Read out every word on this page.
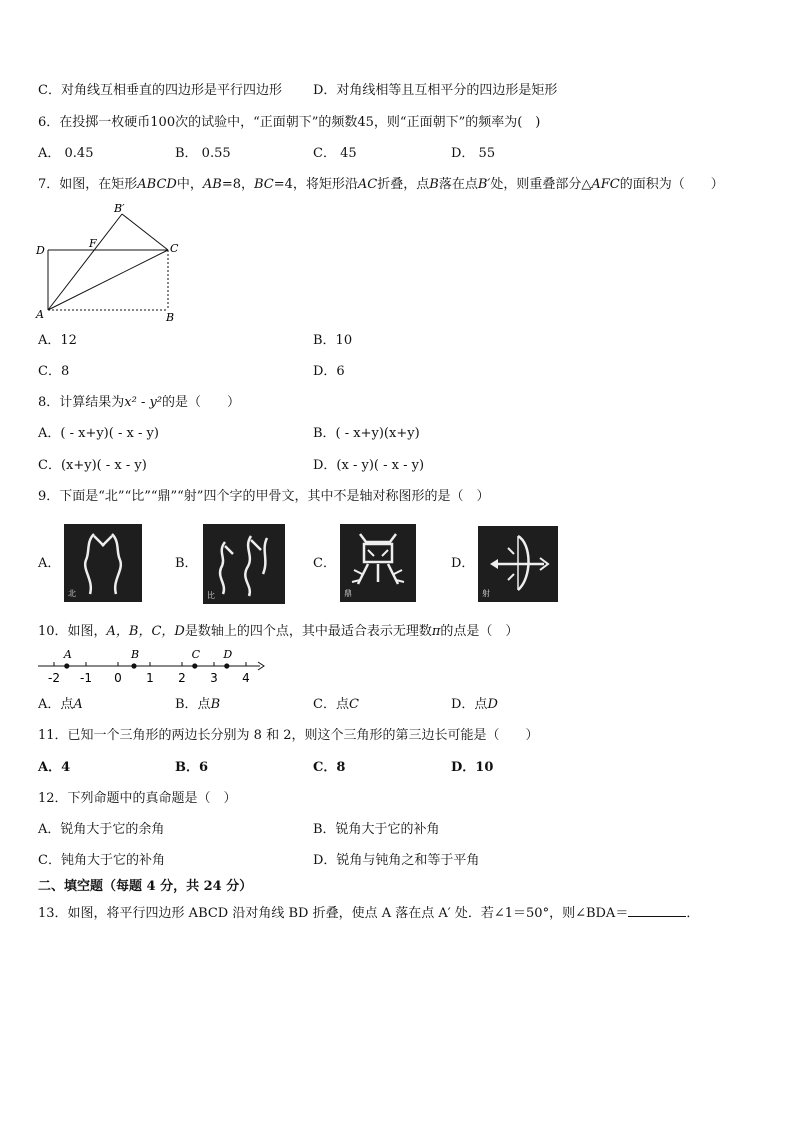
C．对角线互相垂直的四边形是平行四边形 D．对角线相等且互相平分的四边形是矩形
6．在投掷一枚硬币100次的试验中，“正面朝下”的频数45，则“正面朝下”的频率为(　)
A． 0.45	B． 0.55	C． 45	D． 55
7．如图，在矩形ABCD中，AB=8，BC=4，将矩形沿AC折叠，点B落在点B′处，则重叠部分△AFC的面积为（　　）
B′
D
F	C
A	B
A．12	B．10
C．8	D．6
8．计算结果为x² - y²的是（　　）
A．( - x+y)( - x - y)	B．( - x+y)(x+y)
C．(x+y)( - x - y)	D．(x - y)( - x - y)
9．下面是“北”“比”“鼎”“射”四个字的甲骨文，其中不是轴对称图形的是（　）
A．
北
B．
比
C．
鼎
D．
射
10．如图，A，B，C，D是数轴上的四个点，其中最适合表示无理数π的点是（　）
-2 -1 0 1 2 3 4
A	B	C D
A．点A	B．点B	C．点C	D．点D
11．已知一个三角形的两边长分别为 8 和 2，则这个三角形的第三边长可能是（　　）
A．4	B．6	C．8	D．10
12．下列命题中的真命题是（　）
A．锐角大于它的余角	B．锐角大于它的补角
C．钝角大于它的补角	D．锐角与钝角之和等于平角
二、填空题（每题 4 分，共 24 分）
13．如图，将平行四边形 ABCD 沿对角线 BD 折叠，使点 A 落在点 A′ 处．若∠1＝50°，则∠BDA＝	．
